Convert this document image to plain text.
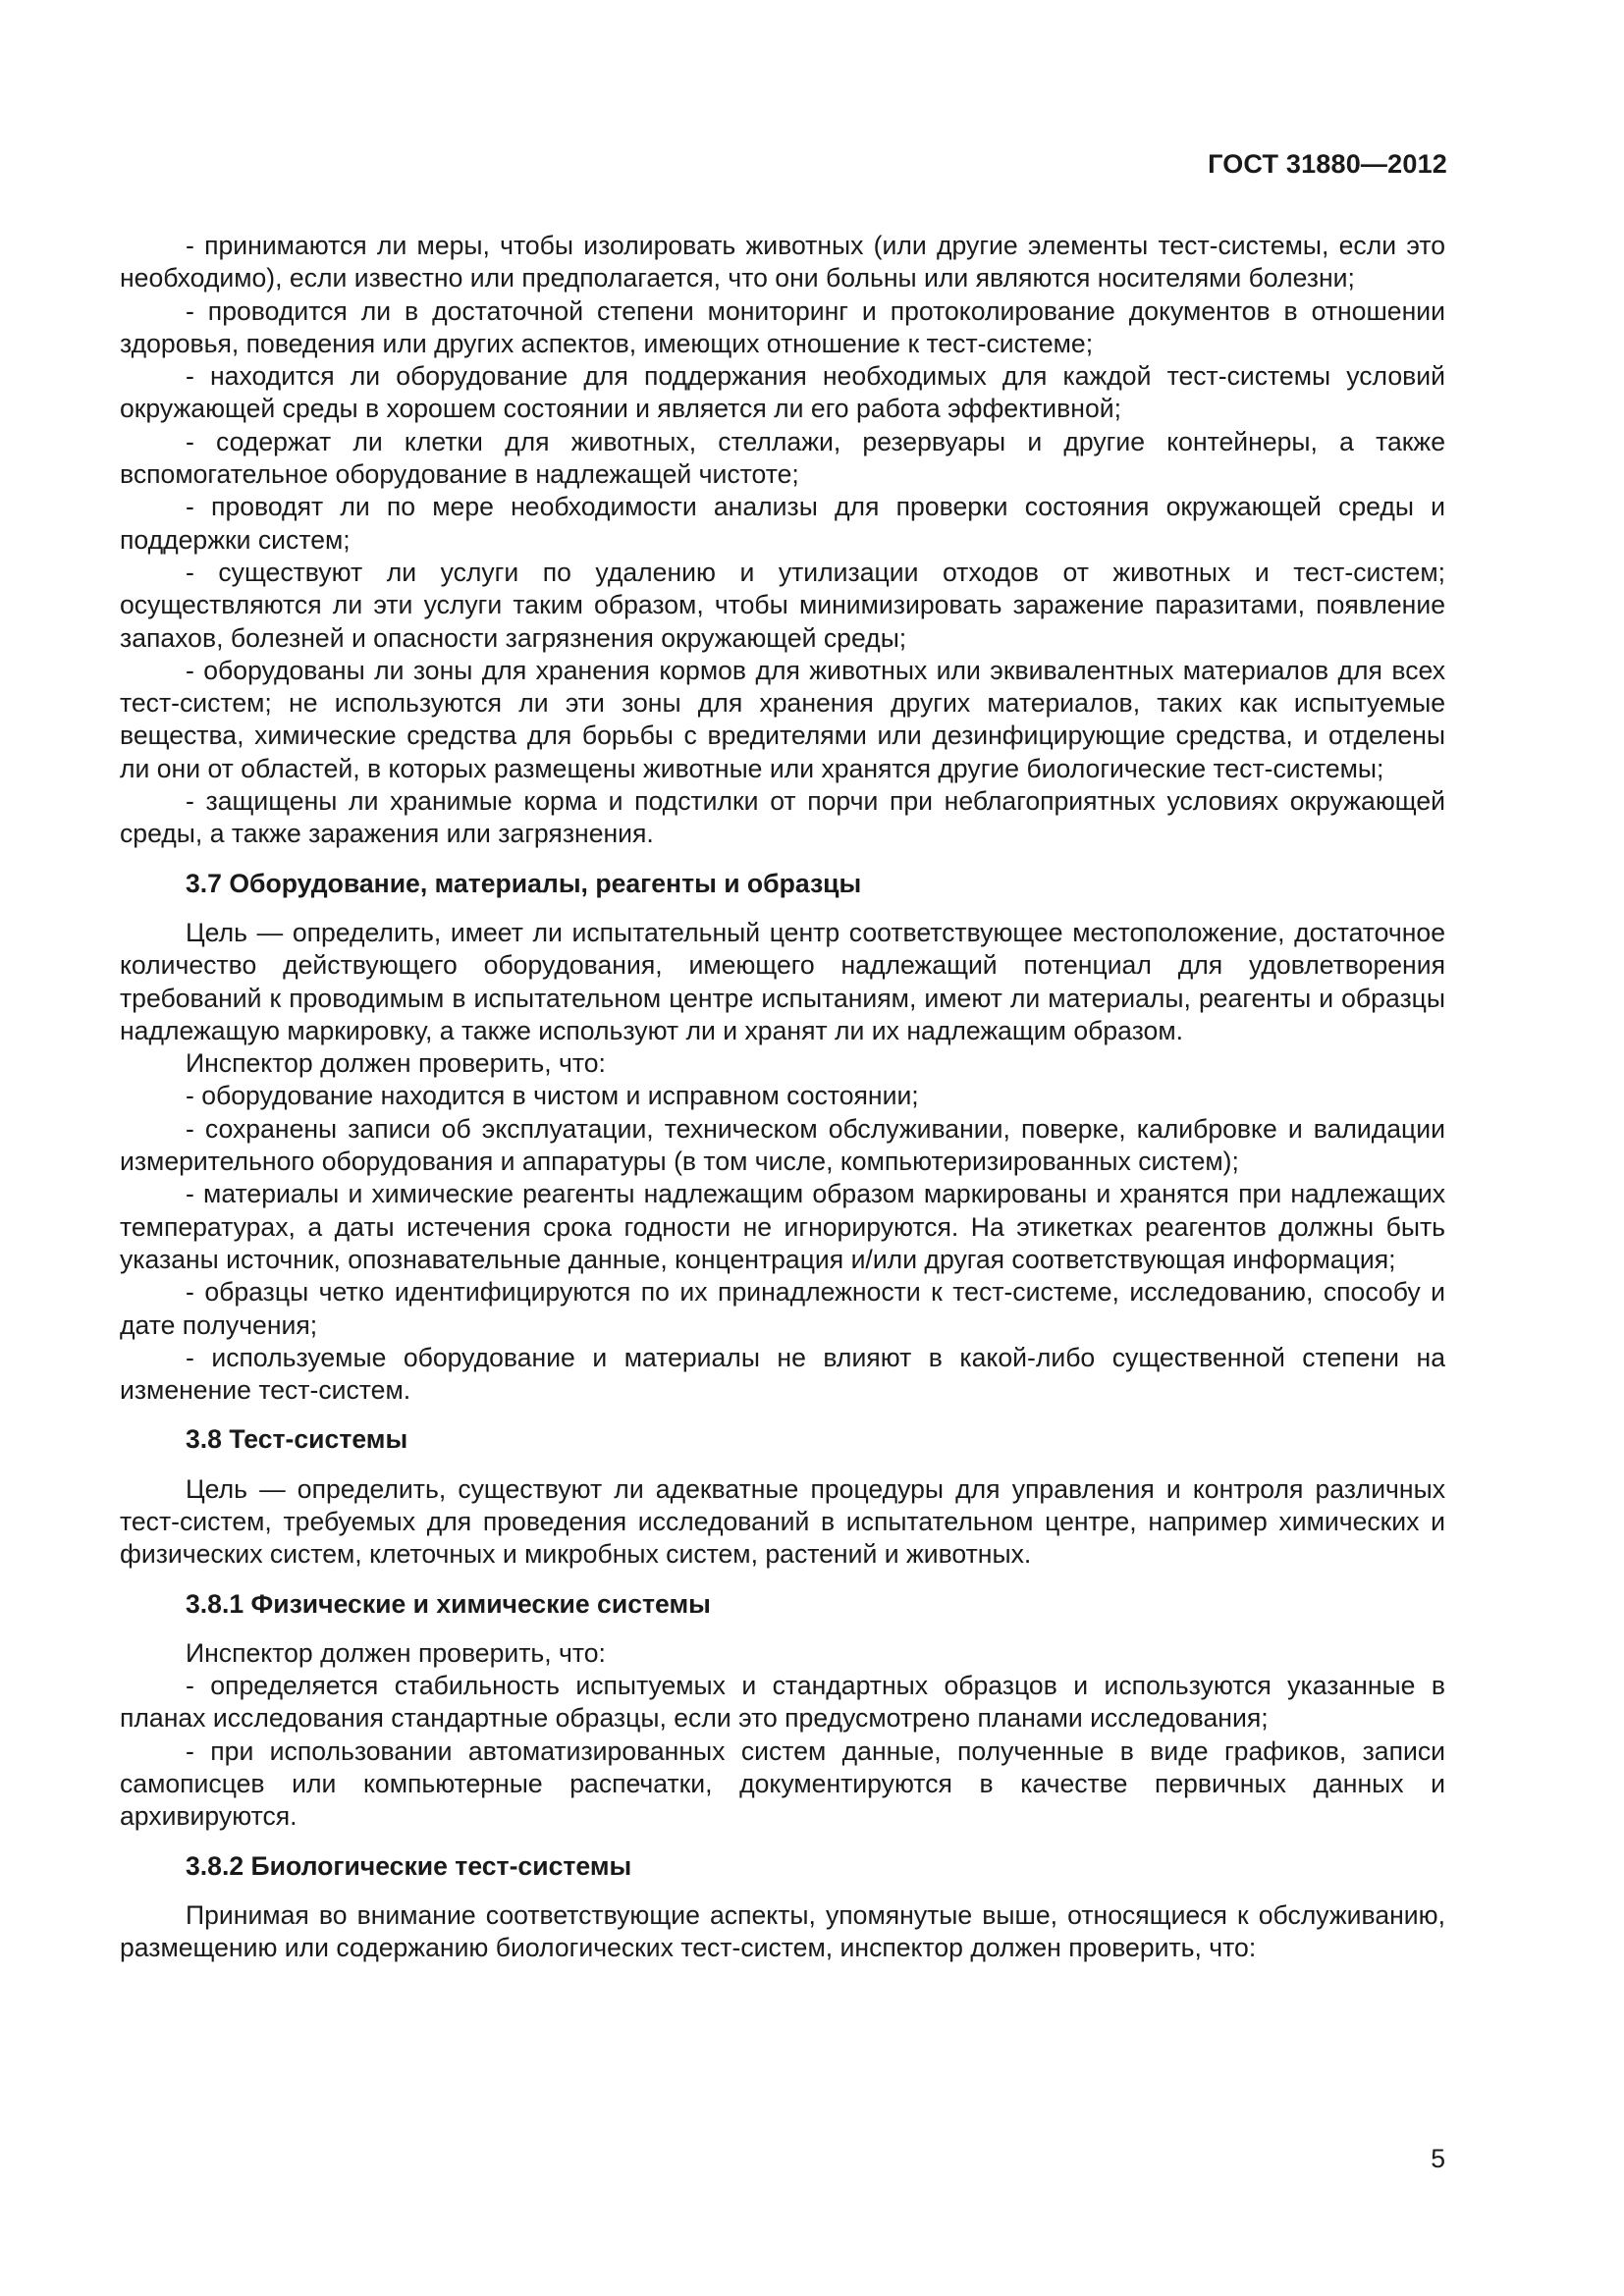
ГОСТ 31880—2012

- принимаются ли меры, чтобы изолировать животных (или другие элементы тест-системы, если это необходимо), если известно или предполагается, что они больны или являются носителями болезни;

- проводится ли в достаточной степени мониторинг и протоколирование документов в отношении здоровья, поведения или других аспектов, имеющих отношение к тест-системе;

- находится ли оборудование для поддержания необходимых для каждой тест-системы условий окружающей среды в хорошем состоянии и является ли его работа эффективной;

- содержат ли клетки для животных, стеллажи, резервуары и другие контейнеры, а также вспомогательное оборудование в надлежащей чистоте;

- проводят ли по мере необходимости анализы для проверки состояния окружающей среды и поддержки систем;

- существуют ли услуги по удалению и утилизации отходов от животных и тест-систем; осуществляются ли эти услуги таким образом, чтобы минимизировать заражение паразитами, появление запахов, болезней и опасности загрязнения окружающей среды;

- оборудованы ли зоны для хранения кормов для животных или эквивалентных материалов для всех тест-систем; не используются ли эти зоны для хранения других материалов, таких как испытуемые вещества, химические средства для борьбы с вредителями или дезинфицирующие средства, и отделены ли они от областей, в которых размещены животные или хранятся другие биологические тест-системы;

- защищены ли хранимые корма и подстилки от порчи при неблагоприятных условиях окружающей среды, а также заражения или загрязнения.

3.7 Оборудование, материалы, реагенты и образцы

Цель — определить, имеет ли испытательный центр соответствующее местоположение, достаточное количество действующего оборудования, имеющего надлежащий потенциал для удовлетворения требований к проводимым в испытательном центре испытаниям, имеют ли материалы, реагенты и образцы надлежащую маркировку, а также используют ли и хранят ли их надлежащим образом.

Инспектор должен проверить, что:

- оборудование находится в чистом и исправном состоянии;

- сохранены записи об эксплуатации, техническом обслуживании, поверке, калибровке и валидации измерительного оборудования и аппаратуры (в том числе, компьютеризированных систем);

- материалы и химические реагенты надлежащим образом маркированы и хранятся при надлежащих температурах, а даты истечения срока годности не игнорируются. На этикетках реагентов должны быть указаны источник, опознавательные данные, концентрация и/или другая соответствующая информация;

- образцы четко идентифицируются по их принадлежности к тест-системе, исследованию, способу и дате получения;

- используемые оборудование и материалы не влияют в какой-либо существенной степени на изменение тест-систем.

3.8 Тест-системы

Цель — определить, существуют ли адекватные процедуры для управления и контроля различных тест-систем, требуемых для проведения исследований в испытательном центре, например химических и физических систем, клеточных и микробных систем, растений и животных.

3.8.1 Физические и химические системы

Инспектор должен проверить, что:

- определяется стабильность испытуемых и стандартных образцов и используются указанные в планах исследования стандартные образцы, если это предусмотрено планами исследования;

- при использовании автоматизированных систем данные, полученные в виде графиков, записи самописцев или компьютерные распечатки, документируются в качестве первичных данных и архивируются.

3.8.2 Биологические тест-системы

Принимая во внимание соответствующие аспекты, упомянутые выше, относящиеся к обслуживанию, размещению или содержанию биологических тест-систем, инспектор должен проверить, что:

5
